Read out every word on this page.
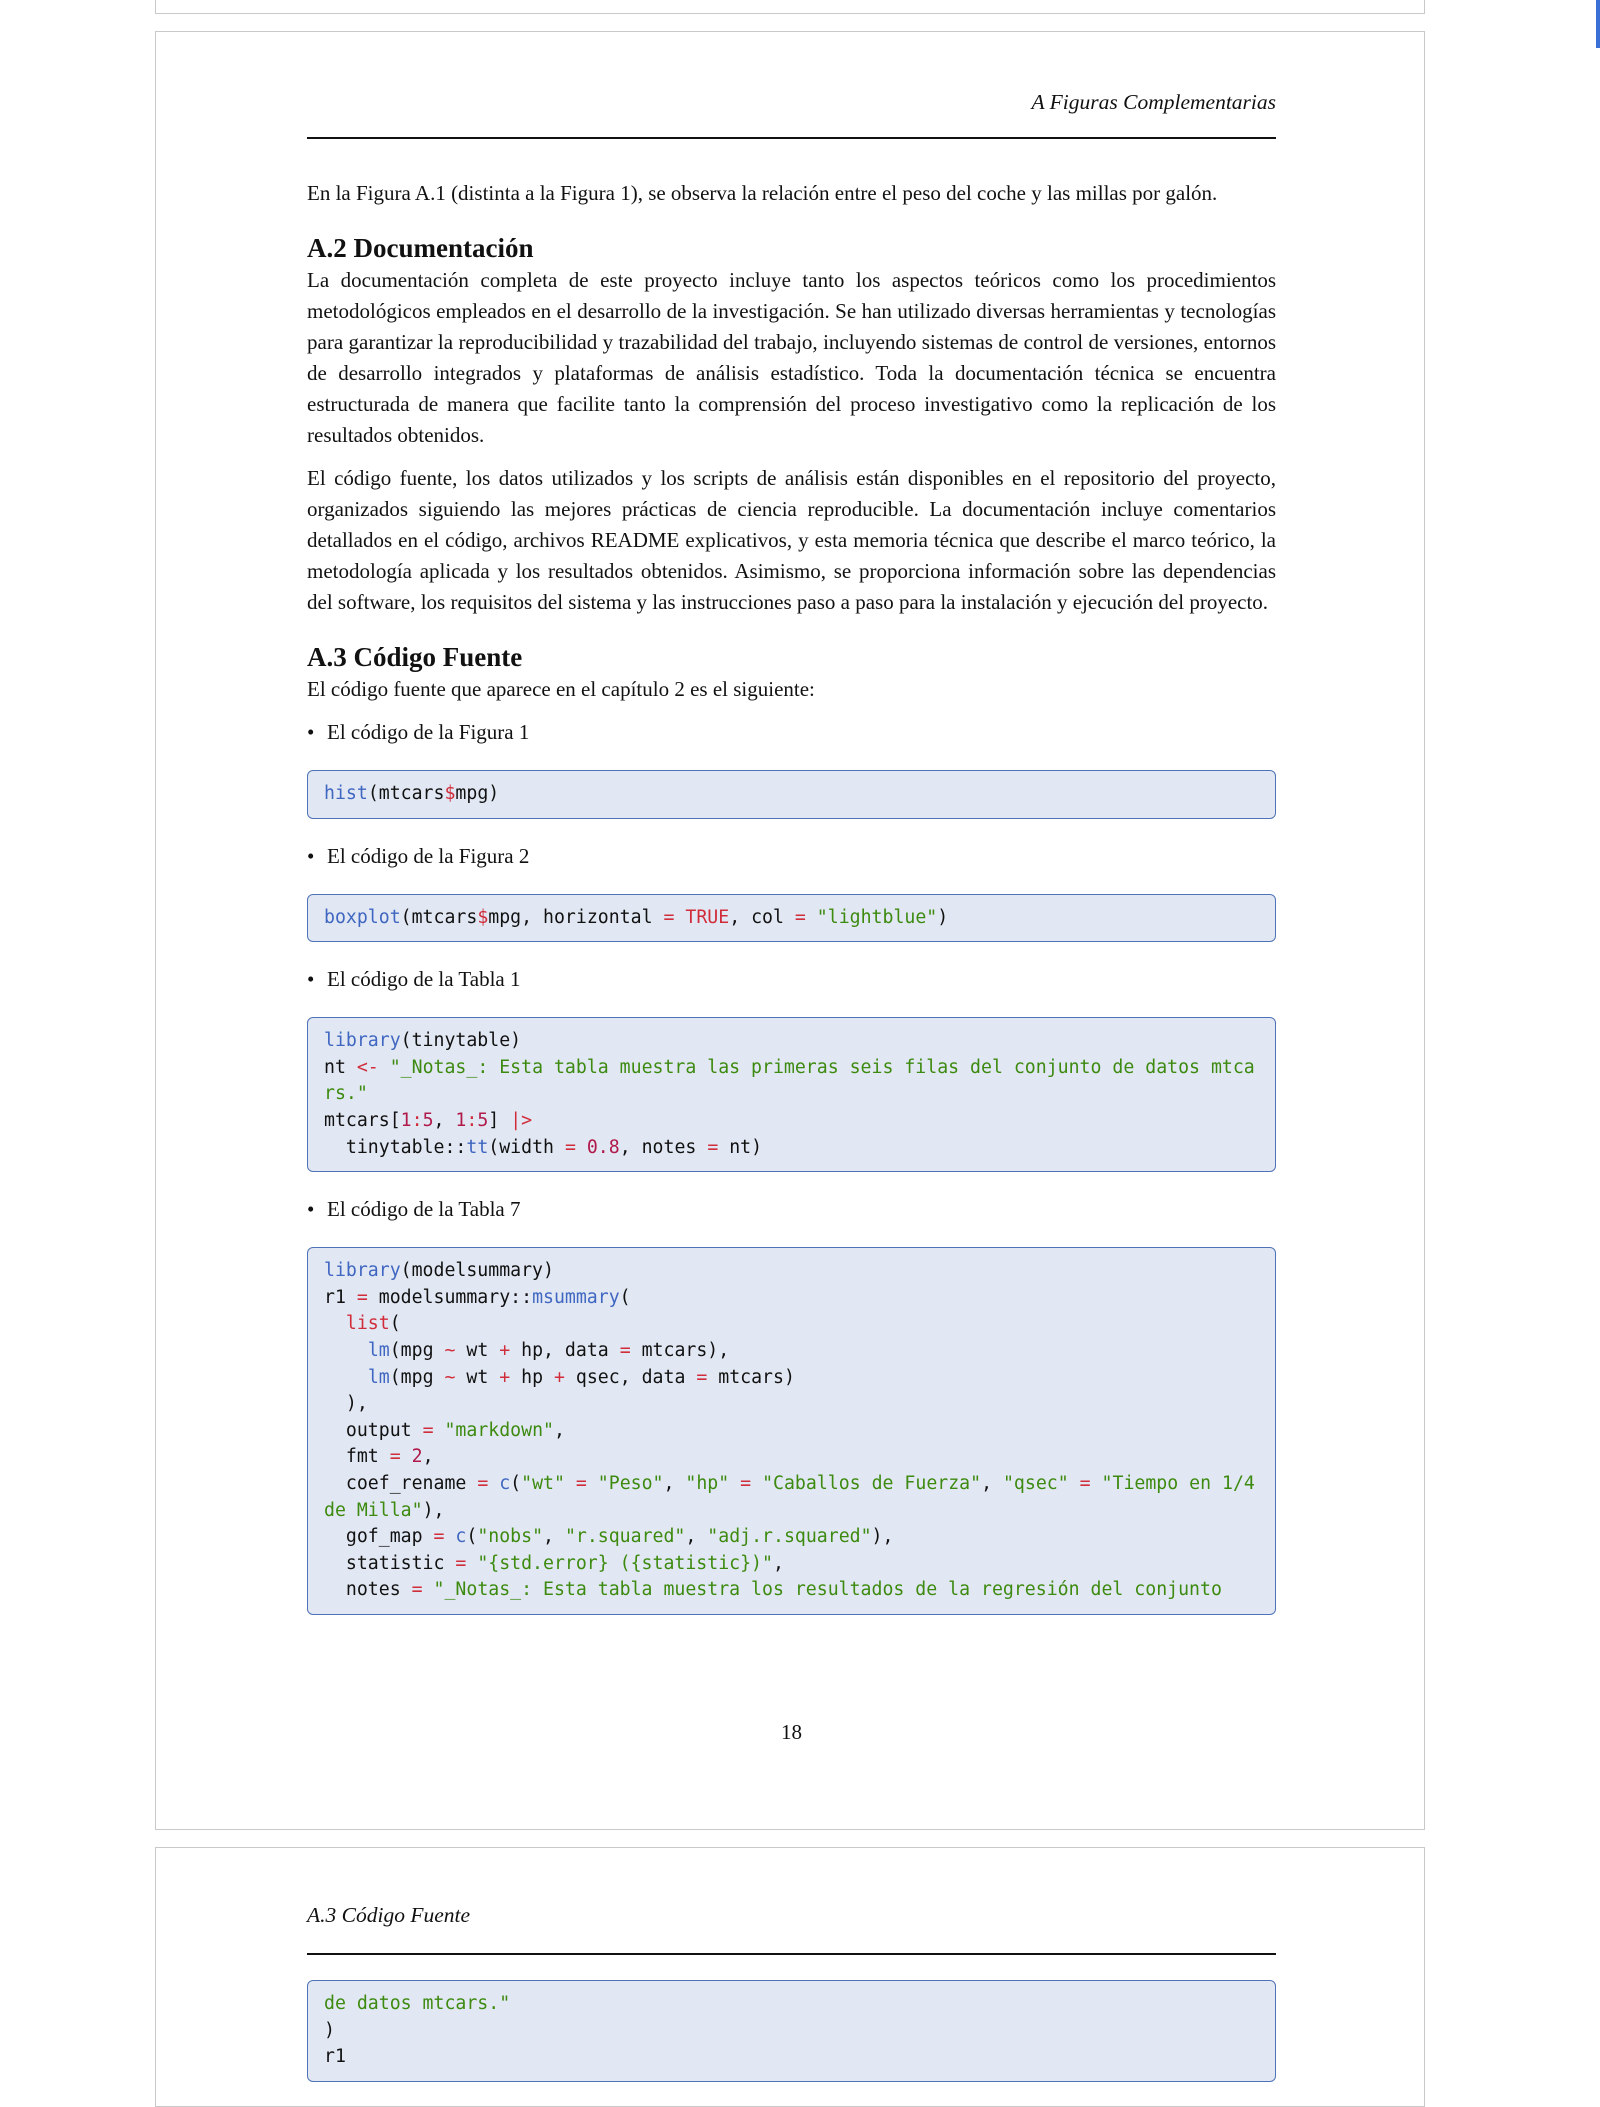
A Figuras Complementarias

En la Figura A.1 (distinta a la Figura 1), se observa la relación entre el peso del coche y las millas por galón.

A.2 Documentación

La documentación completa de este proyecto incluye tanto los aspectos teóricos como los procedimientos metodológicos empleados en el desarrollo de la investigación. Se han utilizado diversas herramientas y tecnologías para garantizar la reproducibilidad y trazabilidad del trabajo, incluyendo sistemas de control de versiones, entornos de desarrollo integrados y plataformas de análisis estadístico. Toda la documentación técnica se encuentra estructurada de manera que facilite tanto la comprensión del proceso investigativo como la replicación de los resultados obtenidos.

El código fuente, los datos utilizados y los scripts de análisis están disponibles en el repositorio del proyecto, organizados siguiendo las mejores prácticas de ciencia reproducible. La documentación incluye comentarios detallados en el código, archivos README explicativos, y esta memoria técnica que describe el marco teórico, la metodología aplicada y los resultados obtenidos. Asimismo, se proporciona información sobre las dependencias del software, los requisitos del sistema y las instrucciones paso a paso para la instalación y ejecución del proyecto.

A.3 Código Fuente

El código fuente que aparece en el capítulo 2 es el siguiente:

• El código de la Figura 1
hist(mtcars$mpg)
• El código de la Figura 2
boxplot(mtcars$mpg, horizontal = TRUE, col = "lightblue")
• El código de la Tabla 1
library(tinytable)
nt <- "_Notas_: Esta tabla muestra las primeras seis filas del conjunto de datos mtcars."
mtcars[1:5, 1:5] |>
tinytable::tt(width = 0.8, notes = nt)
• El código de la Tabla 7
library(modelsummary)
r1 = modelsummary::msummary(
list(
lm(mpg ~ wt + hp, data = mtcars),
lm(mpg ~ wt + hp + qsec, data = mtcars)
),
output = "markdown",
fmt = 2,
coef_rename = c("wt" = "Peso", "hp" = "Caballos de Fuerza", "qsec" = "Tiempo en 1/4 de Milla"),
gof_map = c("nobs", "r.squared", "adj.r.squared"),
statistic = "{std.error} ({statistic})",
notes = "_Notas_: Esta tabla muestra los resultados de la regresión del conjunto
18
A.3 Código Fuente
de datos mtcars."
)
r1
